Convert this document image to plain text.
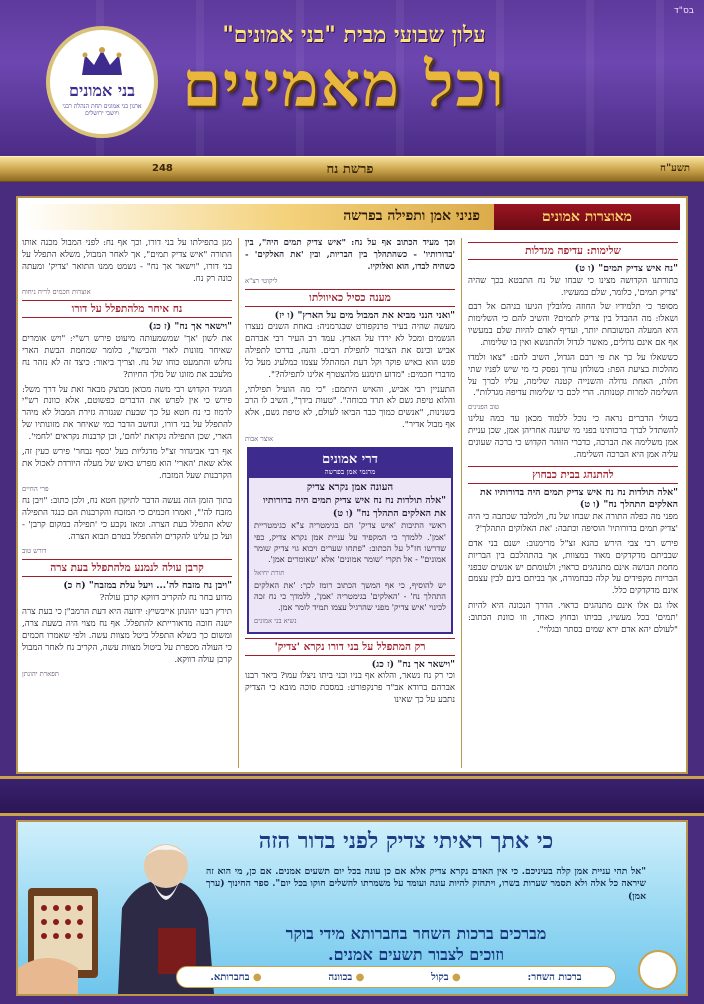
בס"ד
עלון שבועי מבית "בני אמונים"
וכל מאמינים
בני אמונים
ארגון בני אמונים תחת הנהלת רבני ויושבי ירושלים
248	פרשת נח	תשע"ח
מאוצרות אמונים
פניני אמן ותפילה בפרשה
שלימות: עדיפה מגדלות
"נח איש צדיק תמים" (ו ט)

בתורתנו הקדושה מצינו כי שבחו של נח התבטא בכך שהיה 'צדיק תמים', כלומר, שלם במעשיו.

מסופר כי תלמידיו של החוזה מלובלין הגיעו בניהם אל רבם ושאלו: מה ההבדל בין צדיק לתמים? והשיב להם כי השלימות היא המעלה המשובחת יותר, ועדיף לאדם להיות שלם במעשיו אף אם אינם גדולים, מאשר לגדול ולהתנשא ואין בו שלימות.

כששאלו על כך את פי רבם הגדול, השיב להם: "צאו ולמדו מהלכות בציעת הפת: בשולחן ערוך נפסק כי מי שיש לפניו שתי חלות, האחת גדולה והשנייה קטנה שלימה, עליו לברך על השלימה למרות קטנותה. הרי לכם כי שלימות עדיפה מגדלות".

טוב הפנינים

בשולי הדברים נראה כי נוכל ללמוד מכאן עד כמה עלינו להשתדל לברך ברכותינו בפני מי שיענה אחריהן אמן, שכן עניית אמן משלימה את הברכה, כדברי הזוהר הקדוש כי ברכה שעונים עליה אמן היא הברכה השלימה.

להתנהג בבית כבחוץ
"אלה תולדות נח נח איש צדיק תמים היה בדורותיו את האלקים התהלך נח" (ו ט)

מפני מה כפלה התורה את שבחו של נח, ולמלבד שכתבה כי היה 'צדיק תמים בדורותיו' הוסיפה וכתבה: 'את האלוקים התהלך'?

פירש רבי צבי הירש כהנא זצ"ל מרימנוב: ישנם בני אדם שבביתם מדקדקים מאוד במצוות, אך בהתהלכם בין הבריות מחמת הבושה אינם מתנהגים כראוי; ולעומתם יש אנשים שבפני הבריות מקפידים על קלה כבחמורה, אך בביתם בינם לבין עצמם אינם מדקדקים כלל.

אלו גם אלו אינם מתנהגים כראוי. הדרך הנכונה היא להיות 'תמים' בכל מעשיו, בביתו ובחוץ כאחד, וזו כוונת הכתוב: "לעולם יהא אדם ירא שמים בסתר ובגלוי".

וכך מעיד הכתוב אף על נח: "איש צדיק תמים היה", בין 'בדורותיו' - כשהתהלך בין הבריות, ובין 'את האלקים' - כשהיה לבדו, הוא ואלוקיו.

ליקוטי רצ"א
מענה כסיל כאיוולתו
"ואני הנני מביא את המבול מים על הארץ" (ו יז)

מעשה שהיה בעיר פרנקפורט שבגרמניה: באחת השנים נעצרו הגשמים ומכל לא ירדו על הארץ. עמד רב העיר רבי אברהם אביש וכינס את הציבור לתפילת רבים. והנה, בדרכו לתפילה פגש הוא באיש פוקר וקל דעת המהתלל עצמו כמלעיג מעל כל מדברי חכמים: "מדוע תימנע מלהצטרף אלינו לתפילה?".

התעניין רבי אביש, והאיש היתמם: "כי מה הועיל תפילתי, והלוא טיפת גשם לא תרד בכוחה". "טעות בידך", השיב לו הרב בשנינות, "אנשים כמוך כבר הביאו לעולם, לא טיפת גשם, אלא אף מבול אדיר".

אוצר אבות
דרי אמונים
מרגמי אמן בפרשה
העונה אמן נקרא צדיק
"אלה תולדות נח נח איש צדיק תמים היה בדורותיו את האלקים התהלך נח" (ו ט)

ראשי התיבות 'איש צדיק' הם בגימטריה צ"א כגימטריית 'אמן'. ללמדך כי המקפיד על עניית אמן נקרא צדיק, כפי שדרשו חז"ל על הכתוב: "פתחו שערים ויבוא גוי צדיק שומר אמונים" - אל תקרי 'שומר אמונים' אלא 'שאומרים אמן'.

תורת יחיאל

יש להוסיף, כי אף המשך הכתוב רומז לכך: 'את האלקים התהלך נח' - 'האלקים' בגימטריה 'אמן', ללמדך כי נח זכה לכינוי 'איש צדיק' מפני שהרגיל עצמו תמיד לומר אמן.

נשיא בני אמונים
רק המתפלל על בני דורו נקרא 'צדיק'
"וישאר אך נח" (ז כג)

וכי רק נח נשאר, והלוא אף בניו ובני ביתו ניצלו עמו? ביאר רבנו אברהם ברודא אב"ד פרנקפורט: במסכת סוכה מובא כי הצדיק נתבע על כך שאינו

מגן בתפילתו על בני דורו, וכך אף נח: לפני המבול מכנה אותו התורה "איש צדיק תמים", אך לאחר המבול, משלא התפלל על בני דורו, "וישאר אך נח" - נשמט ממנו התואר 'צדיק' ומעתה כונה רק נח.

אוצרות חכמים לריח ניחוח
נח איחר מלהתפלל על דורו
"וישאר אך נח" (ז כג)

את לשון 'אך' שמשמעותה מיעוט פירש רש"י: "ויש אומרים שאיחר מזונות לארי והכישו", כלומר שמחמת הבשת הארי נחלש והתמעט כוחו של נח. וצריך ביאור: כיצד זה לא נזהר נח מלעכב את מזונו של מלך החיות?

המגיד הקדוש רבי משה מכואן מבוצק מבאר זאת על דרך משל: פירש כי אין לפרש את הדברים כפשוטם, אלא כוונת רש"י לרמוז כי נח חטא על כך שבעת שנגזרה גזירת המבול לא מיהר להתפלל על בני דורו, ונחשב הדבר כמי שאיחר את מזונותיו של הארי, שכן התפילה נקראת 'לחם', וכן קרבנות נקראים 'לחמי'.

אף רבי אביגדור זצ"ל מדגליות בעל 'כסף נבחר' פירש כעין זה, אלא שאת 'הארי' הוא מפרש כאש של מעלה היורדת לאכול את הקרבנות שעל המזבח.

פרי החיים

בתוך הזמן הזה נעשה הדבר לתיקון חטא נח, ולכן כתוב: "ויבן נח מזבח לה'", ואמרו חכמים כי המזבח והקרבנות הם כנגד התפילה שלא התפלל בעת הצרה. ומאז נקבע כי 'תפילה במקום קרבן' - ועל כן עלינו להקדים ולהתפלל בטרם תבוא הצרה.

דורש טוב
קרבן עולה לנמנע מלהתפלל בעת צרה
"ויבן נח מזבח לה'... ויעל עלת במזבח" (ח כ)

מדוע בחר נח להקריב דווקא קרבן עולה?

תירץ רבנו יהונתן אייבשיץ: ידועה היא דעת הרמב"ן כי בעת צרה ישנה חובה מדאורייתא להתפלל. אף נח מצוי היה בשעת צרה, ומשום כך כשלא התפלל ביטל מצוות עשה. ולפי שאמרו חכמים כי העולה מכפרת על ביטול מצוות עשה, הקריב נח לאחר המבול קרבן עולה דווקא.

תפארת יהונתן
כי אתך ראיתי צדיק לפני בדור הזה
"אל תהי עניית אמן קלה בעיניכם. כי אין האדם נקרא צדיק אלא אם כן עונה בכל יום תשעים אמנים. אם כן, מי הוא זה שיראה כל אלה ולא תסמר שערות בשרו, ויתחזק להיות עונה ועומד על משמרתו להשלים חוקו בכל יום". ספר החינוך (ערך אמן)
מברכים ברכות השחר בחברותא מידי בוקר
וזוכים לצבור תשעים אמנים.
ברכות השחר:
● בקול
● בכוונה
● בחברותא.
